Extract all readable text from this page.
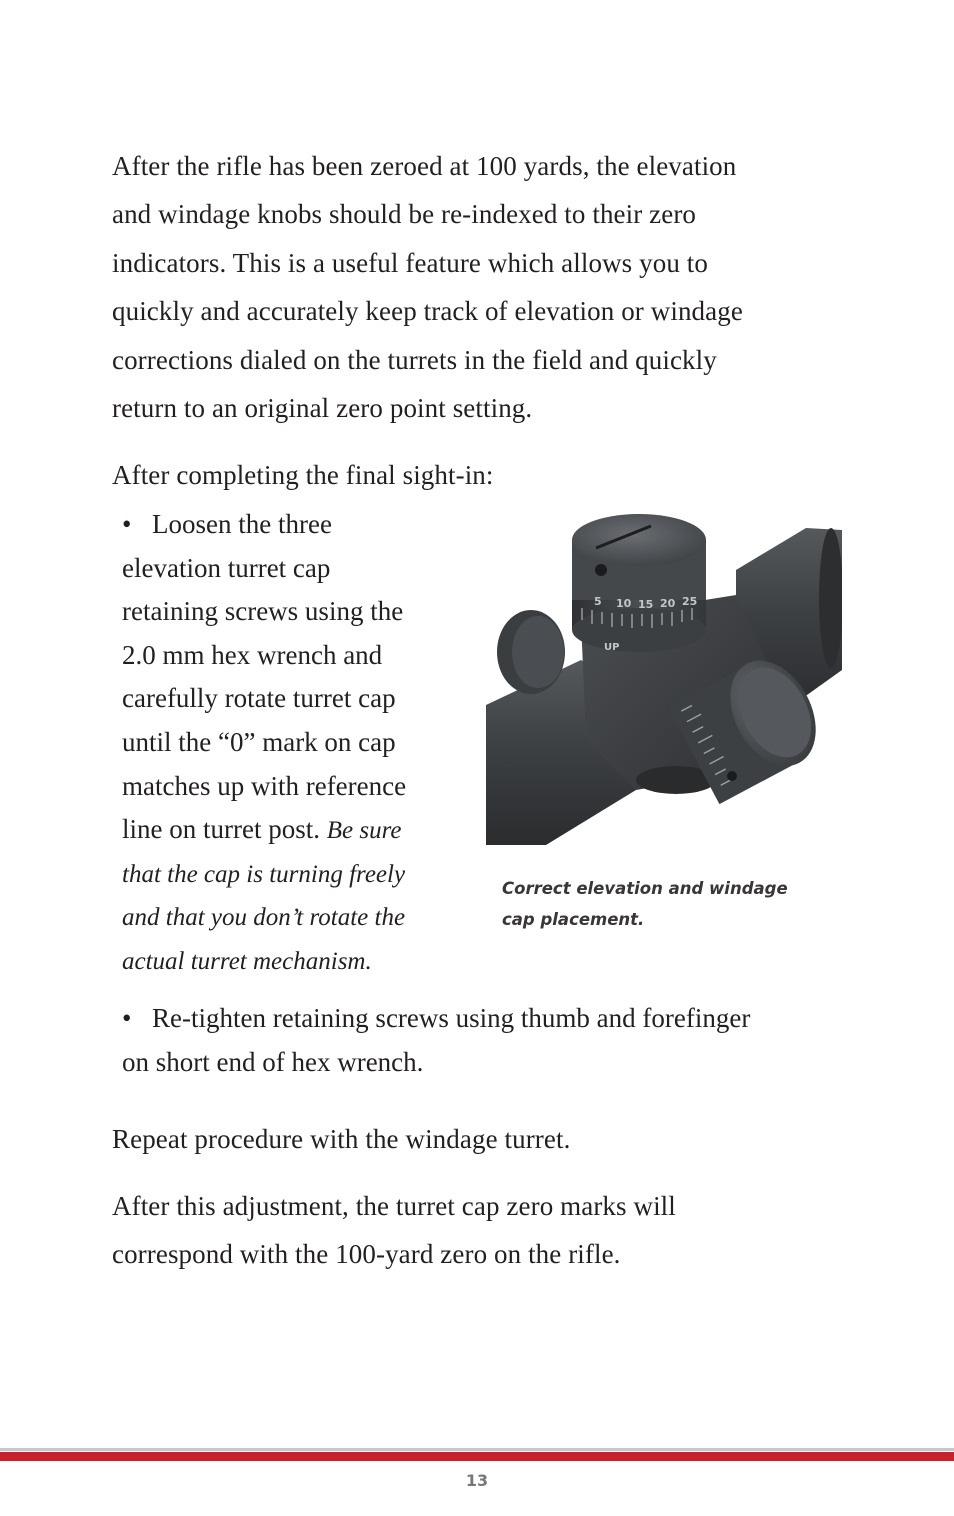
After the rifle has been zeroed at 100 yards, the elevation
and windage knobs should be re-indexed to their zero
indicators. This is a useful feature which allows you to
quickly and accurately keep track of elevation or windage
corrections dialed on the turrets in the field and quickly
return to an original zero point setting.

After completing the final sight-in:

• Loosen the three
elevation turret cap
retaining screws using the
2.0 mm hex wrench and
carefully rotate turret cap
until the “0” mark on cap
matches up with reference
line on turret post. Be sure
that the cap is turning freely
and that you don’t rotate the
actual turret mechanism.
5 10 15 20 25
UP
Correct elevation and windage
cap placement.
• Re-tighten retaining screws using thumb and forefinger
on short end of hex wrench.

Repeat procedure with the windage turret.

After this adjustment, the turret cap zero marks will
correspond with the 100-yard zero on the rifle.

13
